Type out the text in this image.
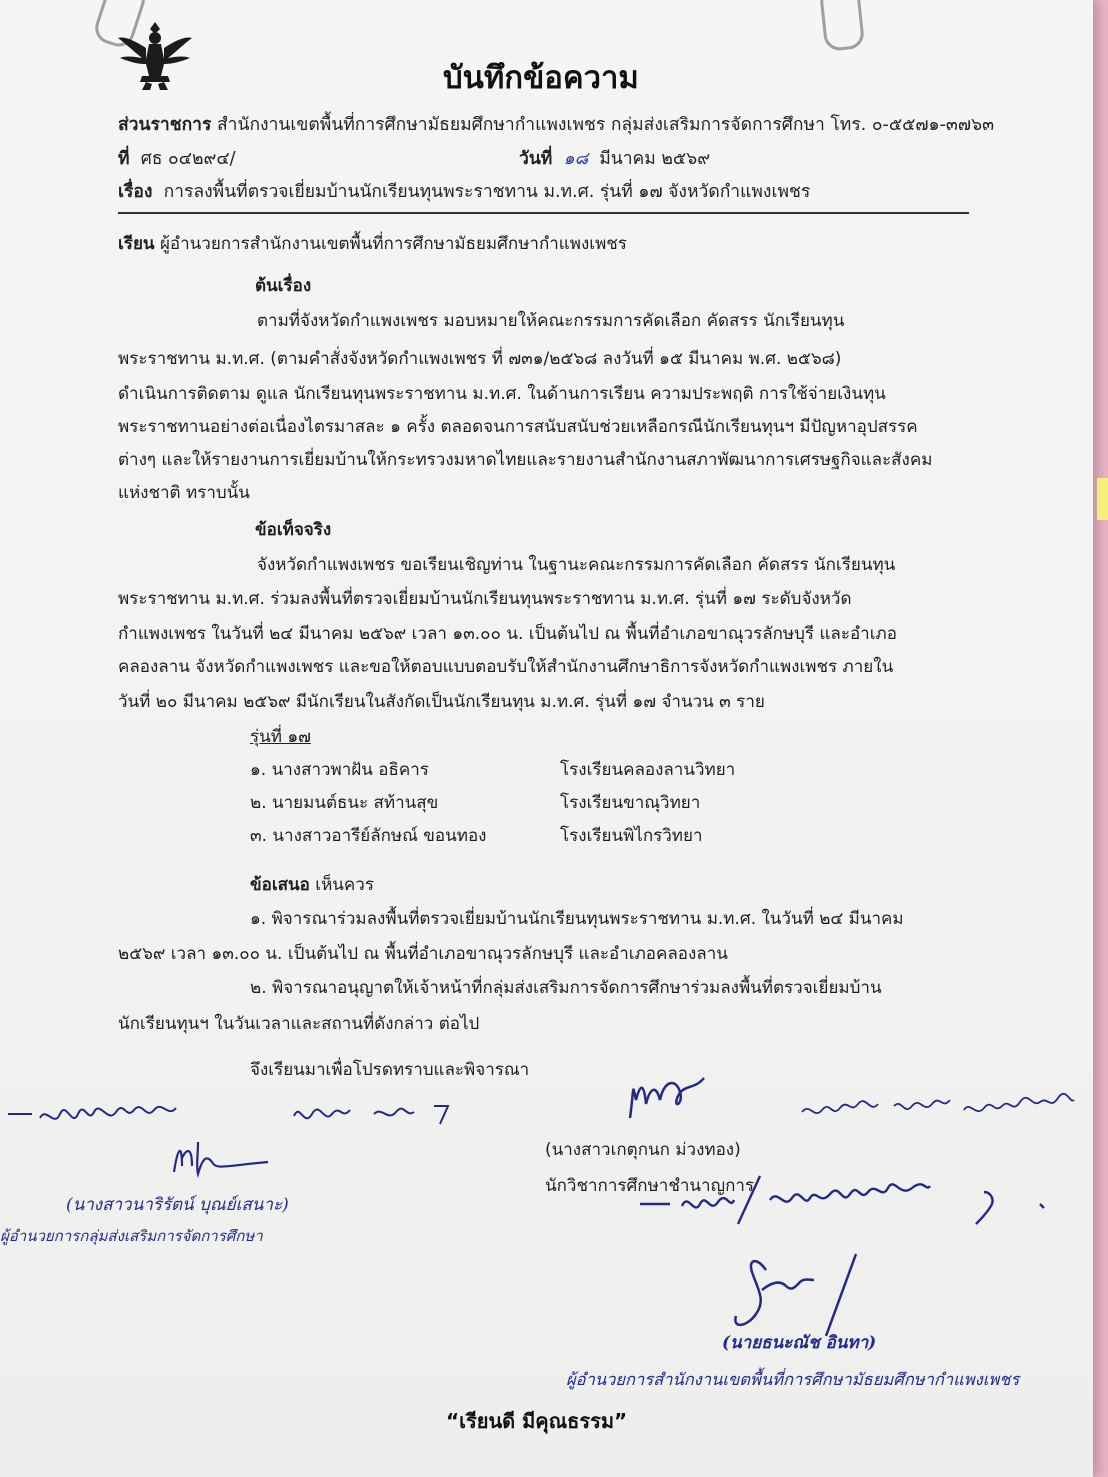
บันทึกข้อความ
ส่วนราชการ สำนักงานเขตพื้นที่การศึกษามัธยมศึกษากำแพงเพชร กลุ่มส่งเสริมการจัดการศึกษา โทร. ๐-๕๕๗๑-๓๗๖๓
ที่ ศธ ๐๔๒๙๔/	วันที่ ๑๘ มีนาคม ๒๕๖๙
เรื่อง การลงพื้นที่ตรวจเยี่ยมบ้านนักเรียนทุนพระราชทาน ม.ท.ศ. รุ่นที่ ๑๗ จังหวัดกำแพงเพชร
เรียน ผู้อำนวยการสำนักงานเขตพื้นที่การศึกษามัธยมศึกษากำแพงเพชร
ต้นเรื่อง
ตามที่จังหวัดกำแพงเพชร มอบหมายให้คณะกรรมการคัดเลือก คัดสรร นักเรียนทุน
พระราชทาน ม.ท.ศ. (ตามคำสั่งจังหวัดกำแพงเพชร ที่ ๗๓๑/๒๕๖๘ ลงวันที่ ๑๕ มีนาคม พ.ศ. ๒๕๖๘)
ดำเนินการติดตาม ดูแล นักเรียนทุนพระราชทาน ม.ท.ศ. ในด้านการเรียน ความประพฤติ การใช้จ่ายเงินทุน
พระราชทานอย่างต่อเนื่องไตรมาสละ ๑ ครั้ง ตลอดจนการสนับสนับช่วยเหลือกรณีนักเรียนทุนฯ มีปัญหาอุปสรรค
ต่างๆ และให้รายงานการเยี่ยมบ้านให้กระทรวงมหาดไทยและรายงานสำนักงานสภาพัฒนาการเศรษฐกิจและสังคม
แห่งชาติ ทราบนั้น
ข้อเท็จจริง
จังหวัดกำแพงเพชร ขอเรียนเชิญท่าน ในฐานะคณะกรรมการคัดเลือก คัดสรร นักเรียนทุน
พระราชทาน ม.ท.ศ. ร่วมลงพื้นที่ตรวจเยี่ยมบ้านนักเรียนทุนพระราชทาน ม.ท.ศ. รุ่นที่ ๑๗ ระดับจังหวัด
กำแพงเพชร ในวันที่ ๒๔ มีนาคม ๒๕๖๙ เวลา ๑๓.๐๐ น. เป็นต้นไป ณ พื้นที่อำเภอขาณุวรลักษบุรี และอำเภอ
คลองลาน จังหวัดกำแพงเพชร และขอให้ตอบแบบตอบรับให้สำนักงานศึกษาธิการจังหวัดกำแพงเพชร ภายใน
วันที่ ๒๐ มีนาคม ๒๕๖๙ มีนักเรียนในสังกัดเป็นนักเรียนทุน ม.ท.ศ. รุ่นที่ ๑๗ จำนวน ๓ ราย
รุ่นที่ ๑๗
๑. นางสาวพาฝัน อธิคาร	โรงเรียนคลองลานวิทยา
๒. นายมนต์ธนะ สท้านสุข	โรงเรียนขาณุวิทยา
๓. นางสาวอารีย์ลักษณ์ ขอนทอง	โรงเรียนพิไกรวิทยา
ข้อเสนอ เห็นควร
๑. พิจารณาร่วมลงพื้นที่ตรวจเยี่ยมบ้านนักเรียนทุนพระราชทาน ม.ท.ศ. ในวันที่ ๒๔ มีนาคม
๒๕๖๙ เวลา ๑๓.๐๐ น. เป็นต้นไป ณ พื้นที่อำเภอขาณุวรลักษบุรี และอำเภอคลองลาน
๒. พิจารณาอนุญาตให้เจ้าหน้าที่กลุ่มส่งเสริมการจัดการศึกษาร่วมลงพื้นที่ตรวจเยี่ยมบ้าน
นักเรียนทุนฯ ในวันเวลาและสถานที่ดังกล่าว ต่อไป
จึงเรียนมาเพื่อโปรดทราบและพิจารณา
(นางสาวเกตุกนก ม่วงทอง)
นักวิชาการศึกษาชำนาญการ
(นางสาวนาริรัตน์ บุณย์เสนาะ)
ผู้อำนวยการกลุ่มส่งเสริมการจัดการศึกษา
(นายธนะณัช อินทา)
ผู้อำนวยการสำนักงานเขตพื้นที่การศึกษามัธยมศึกษากำแพงเพชร
“เรียนดี มีคุณธรรม”
